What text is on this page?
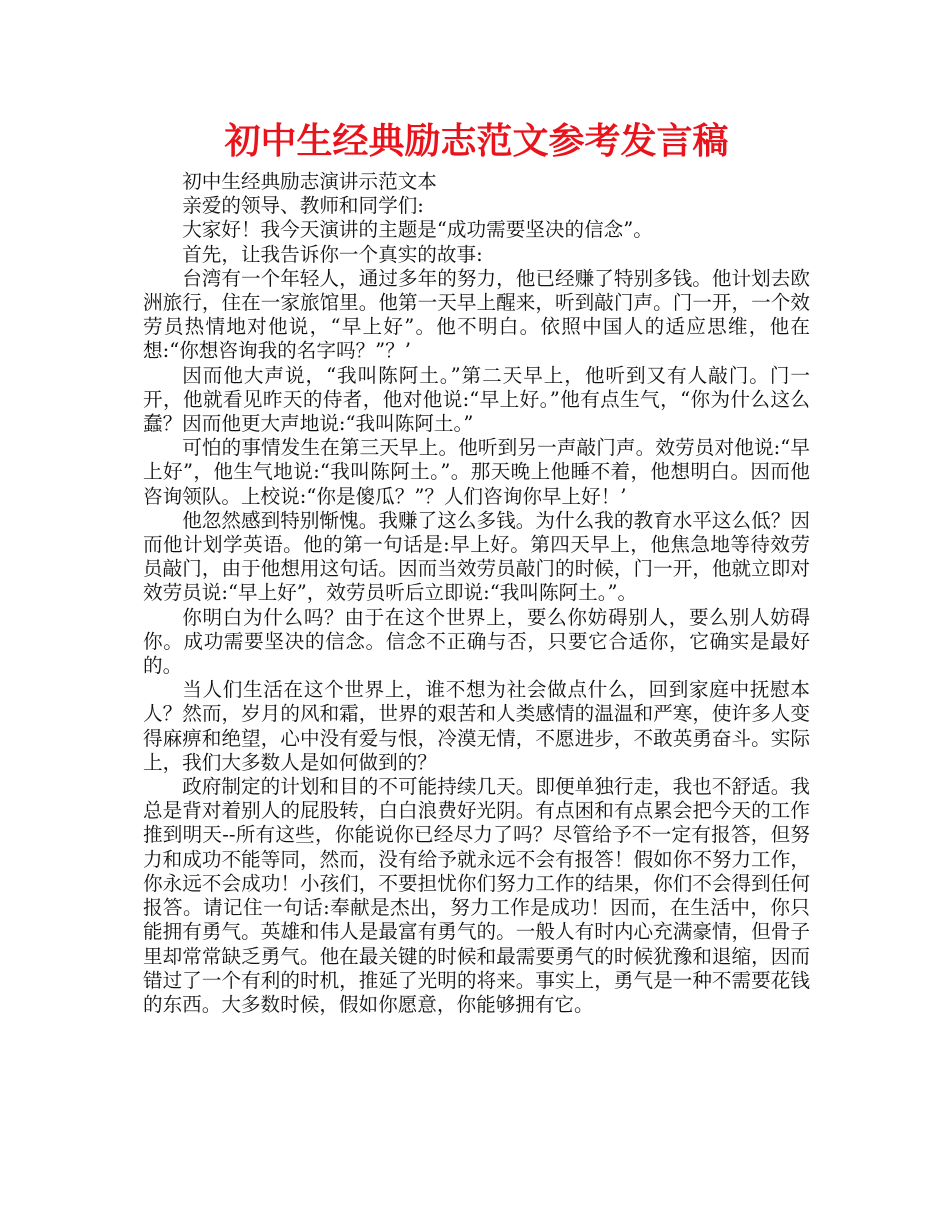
初中生经典励志范文参考发言稿

初中生经典励志演讲示范文本

亲爱的领导、教师和同学们:

大家好！我今天演讲的主题是“成功需要坚决的信念”。

首先，让我告诉你一个真实的故事:

台湾有一个年轻人，通过多年的努力，他已经赚了特别多钱。他计划去欧洲旅行，住在一家旅馆里。他第一天早上醒来，听到敲门声。门一开，一个效劳员热情地对他说，“早上好”。他不明白。依照中国人的适应思维，他在想:“你想咨询我的名字吗？”？’

因而他大声说，“我叫陈阿土。”第二天早上，他听到又有人敲门。门一开，他就看见昨天的侍者，他对他说:“早上好。”他有点生气，“你为什么这么蠢？因而他更大声地说:“我叫陈阿土。”

可怕的事情发生在第三天早上。他听到另一声敲门声。效劳员对他说:“早上好”，他生气地说:“我叫陈阿土。”。那天晚上他睡不着，他想明白。因而他咨询领队。上校说:“你是傻瓜？”？人们咨询你早上好！’

他忽然感到特别惭愧。我赚了这么多钱。为什么我的教育水平这么低？因而他计划学英语。他的第一句话是:早上好。第四天早上，他焦急地等待效劳员敲门，由于他想用这句话。因而当效劳员敲门的时候，门一开，他就立即对效劳员说:“早上好”，效劳员听后立即说:“我叫陈阿土。”。

你明白为什么吗？由于在这个世界上，要么你妨碍别人，要么别人妨碍你。成功需要坚决的信念。信念不正确与否，只要它合适你，它确实是最好的。

当人们生活在这个世界上，谁不想为社会做点什么，回到家庭中抚慰本人？然而，岁月的风和霜，世界的艰苦和人类感情的温温和严寒，使许多人变得麻痹和绝望，心中没有爱与恨，冷漠无情，不愿进步，不敢英勇奋斗。实际上，我们大多数人是如何做到的？

政府制定的计划和目的不可能持续几天。即便单独行走，我也不舒适。我总是背对着别人的屁股转，白白浪费好光阴。有点困和有点累会把今天的工作推到明天--所有这些，你能说你已经尽力了吗？尽管给予不一定有报答，但努力和成功不能等同，然而，没有给予就永远不会有报答！假如你不努力工作，你永远不会成功！小孩们，不要担忧你们努力工作的结果，你们不会得到任何报答。请记住一句话:奉献是杰出，努力工作是成功！因而，在生活中，你只能拥有勇气。英雄和伟人是最富有勇气的。一般人有时内心充满豪情，但骨子里却常常缺乏勇气。他在最关键的时候和最需要勇气的时候犹豫和退缩，因而错过了一个有利的时机，推延了光明的将来。事实上，勇气是一种不需要花钱的东西。大多数时候，假如你愿意，你能够拥有它。
